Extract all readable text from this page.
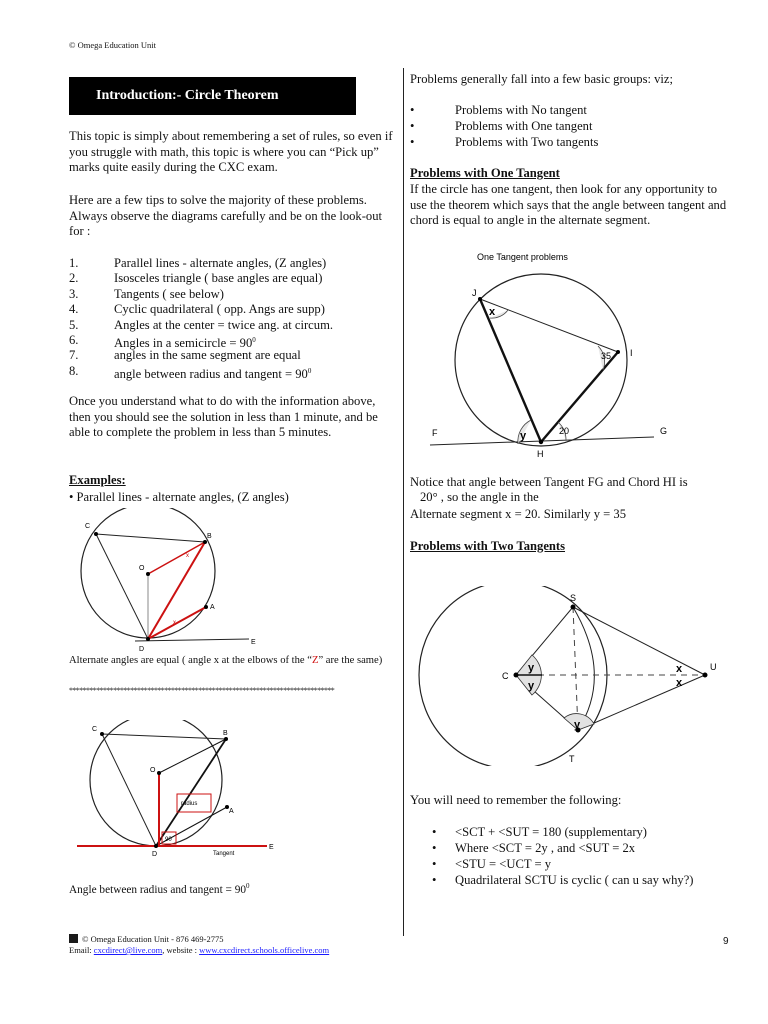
© Omega Education Unit
Introduction:- Circle Theorem
This topic is simply about remembering a set of rules, so even if you struggle with math, this topic is where you can “Pick up” marks quite easily during the CXC exam.
Here are a few tips to solve the majority of these problems. Always observe the diagrams carefully and be on the look-out for :
1.	Parallel lines - alternate angles, (Z angles)
2.	Isosceles triangle ( base angles are equal)
3.	Tangents ( see below)
4.	Cyclic quadrilateral ( opp. Angs are supp)
5.	Angles at the center = twice ang. at circum.
6.	Angles in a semicircle = $90^0$
7.	angles in the same segment are equal
8.	angle between radius and tangent = $90^0$
Once you understand what to do with the information above, then you should see the solution in less than 1 minute, and be able to complete the problem in less than 5 minutes.
Examples:
• Parallel lines - alternate angles, (Z angles)
C
B
O
A
D
E
x
x
Alternate angles are equal ( angle x at the elbows of the “Z” are the same)
******************************************************************************
C
B
O
A
D
E
radius
90
Tangent
Angle between radius and tangent = $90^0$
Problems generally fall into a few basic groups: viz;
•	Problems with No tangent
•	Problems with One tangent
•	Problems with Two tangents
Problems with One Tangent
If the circle has one tangent, then look for any opportunity to use the theorem which says that the angle between tangent and chord is equal to angle in the alternate segment.
One Tangent problems
J
I
F	G
H
x
y
35
20
Notice that angle between Tangent FG and Chord HI is
20° , so the angle in the
Alternate segment x = 20. Similarly y = 35
Problems with Two Tangents
S
C
U
T
y
y
y
x
x
You will need to remember the following:
• <SCT + <SUT = 180 (supplementary)
• Where <SCT = 2y , and <SUT = 2x
• <STU = <UCT = y
• Quadrilateral SCTU is cyclic ( can u say why?)
© Omega Education Unit - 876 469-2775
Email: cxcdirect@live.com, website : www.cxcdirect.schools.officelive.com
9
